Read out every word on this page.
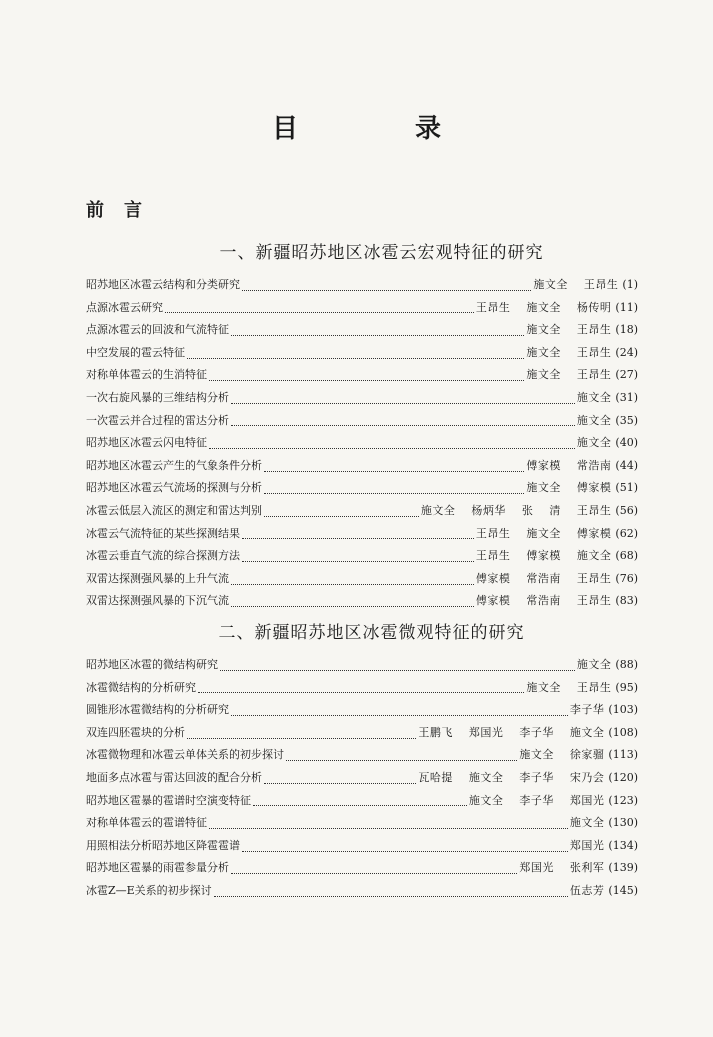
目 录
前言
一、新疆昭苏地区冰雹云宏观特征的研究
昭苏地区冰雹云结构和分类研究	施文全 王昂生 (1)
点源冰雹云研究	王昂生 施文全 杨传明 (11)
点源冰雹云的回波和气流特征	施文全 王昂生 (18)
中空发展的雹云特征	施文全 王昂生 (24)
对称单体雹云的生消特征	施文全 王昂生 (27)
一次右旋风暴的三维结构分析	施文全 (31)
一次雹云并合过程的雷达分析	施文全 (35)
昭苏地区冰雹云闪电特征	施文全 (40)
昭苏地区冰雹云产生的气象条件分析	傅家模 常浩南 (44)
昭苏地区冰雹云气流场的探测与分析	施文全 傅家模 (51)
冰雹云低层入流区的测定和雷达判别	施文全 杨炳华 张 清 王昂生 (56)
冰雹云气流特征的某些探测结果	王昂生 施文全 傅家模 (62)
冰雹云垂直气流的综合探测方法	王昂生 傅家模 施文全 (68)
双雷达探测强风暴的上升气流	傅家模 常浩南 王昂生 (76)
双雷达探测强风暴的下沉气流	傅家模 常浩南 王昂生 (83)
二、新疆昭苏地区冰雹微观特征的研究
昭苏地区冰雹的微结构研究	施文全 (88)
冰雹微结构的分析研究	施文全 王昂生 (95)
圆锥形冰雹微结构的分析研究	李子华 (103)
双连四胚雹块的分析	王鹏飞 郑国光 李子华 施文全 (108)
冰雹微物理和冰雹云单体关系的初步探讨	施文全 徐家骝 (113)
地面多点冰雹与雷达回波的配合分析	瓦哈提 施文全 李子华 宋乃会 (120)
昭苏地区雹暴的雹谱时空演变特征	施文全 李子华 郑国光 (123)
对称单体雹云的雹谱特征	施文全 (130)
用照相法分析昭苏地区降雹雹谱	郑国光 (134)
昭苏地区雹暴的雨雹参量分析	郑国光 张利军 (139)
冰雹Z—E关系的初步探讨	伍志芳 (145)
